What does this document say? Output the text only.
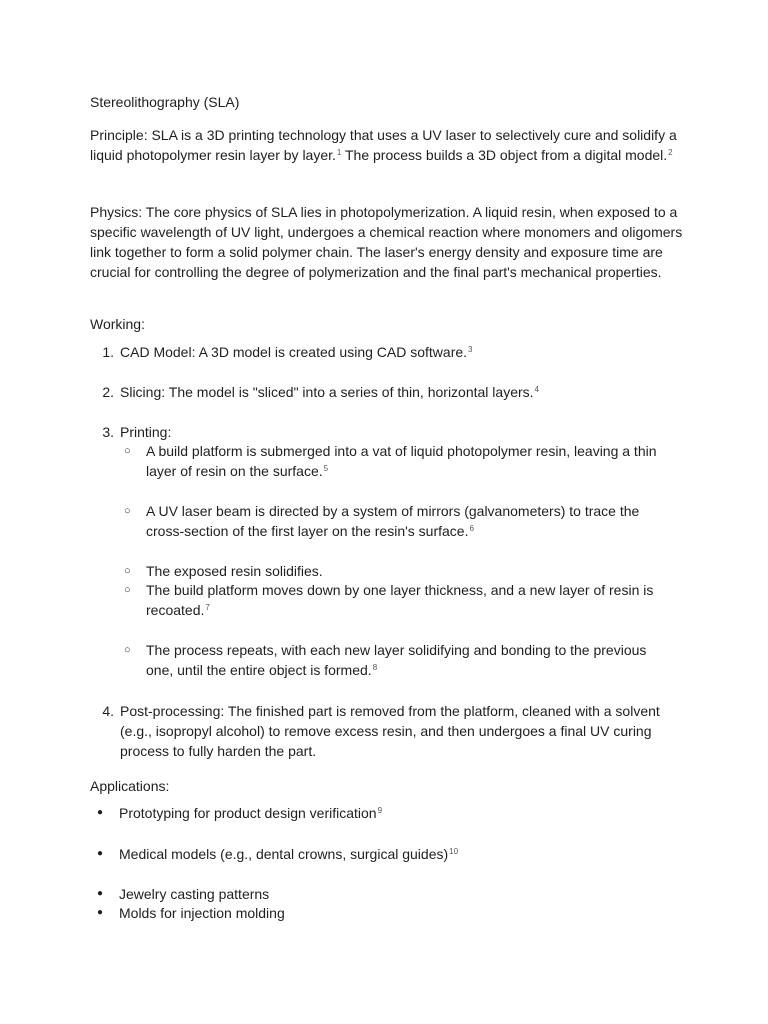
Stereolithography (SLA)

Principle: SLA is a 3D printing technology that uses a UV laser to selectively cure and solidify a liquid photopolymer resin layer by layer.$^1$ The process builds a 3D object from a digital model.$^2$

Physics: The core physics of SLA lies in photopolymerization. A liquid resin, when exposed to a specific wavelength of UV light, undergoes a chemical reaction where monomers and oligomers link together to form a solid polymer chain. The laser's energy density and exposure time are crucial for controlling the degree of polymerization and the final part's mechanical properties.

Working:

1. CAD Model: A 3D model is created using CAD software.$^3$
2. Slicing: The model is "sliced" into a series of thin, horizontal layers.$^4$
3. Printing:
○ A build platform is submerged into a vat of liquid photopolymer resin, leaving a thin layer of resin on the surface.$^5$
○ A UV laser beam is directed by a system of mirrors (galvanometers) to trace the cross-section of the first layer on the resin's surface.$^6$
○ The exposed resin solidifies.
○ The build platform moves down by one layer thickness, and a new layer of resin is recoated.$^7$
○ The process repeats, with each new layer solidifying and bonding to the previous one, until the entire object is formed.$^8$
4. Post-processing: The finished part is removed from the platform, cleaned with a solvent (e.g., isopropyl alcohol) to remove excess resin, and then undergoes a final UV curing process to fully harden the part.

Applications:

● Prototyping for product design verification$^9$
● Medical models (e.g., dental crowns, surgical guides)$^{10}$
● Jewelry casting patterns
● Molds for injection molding
